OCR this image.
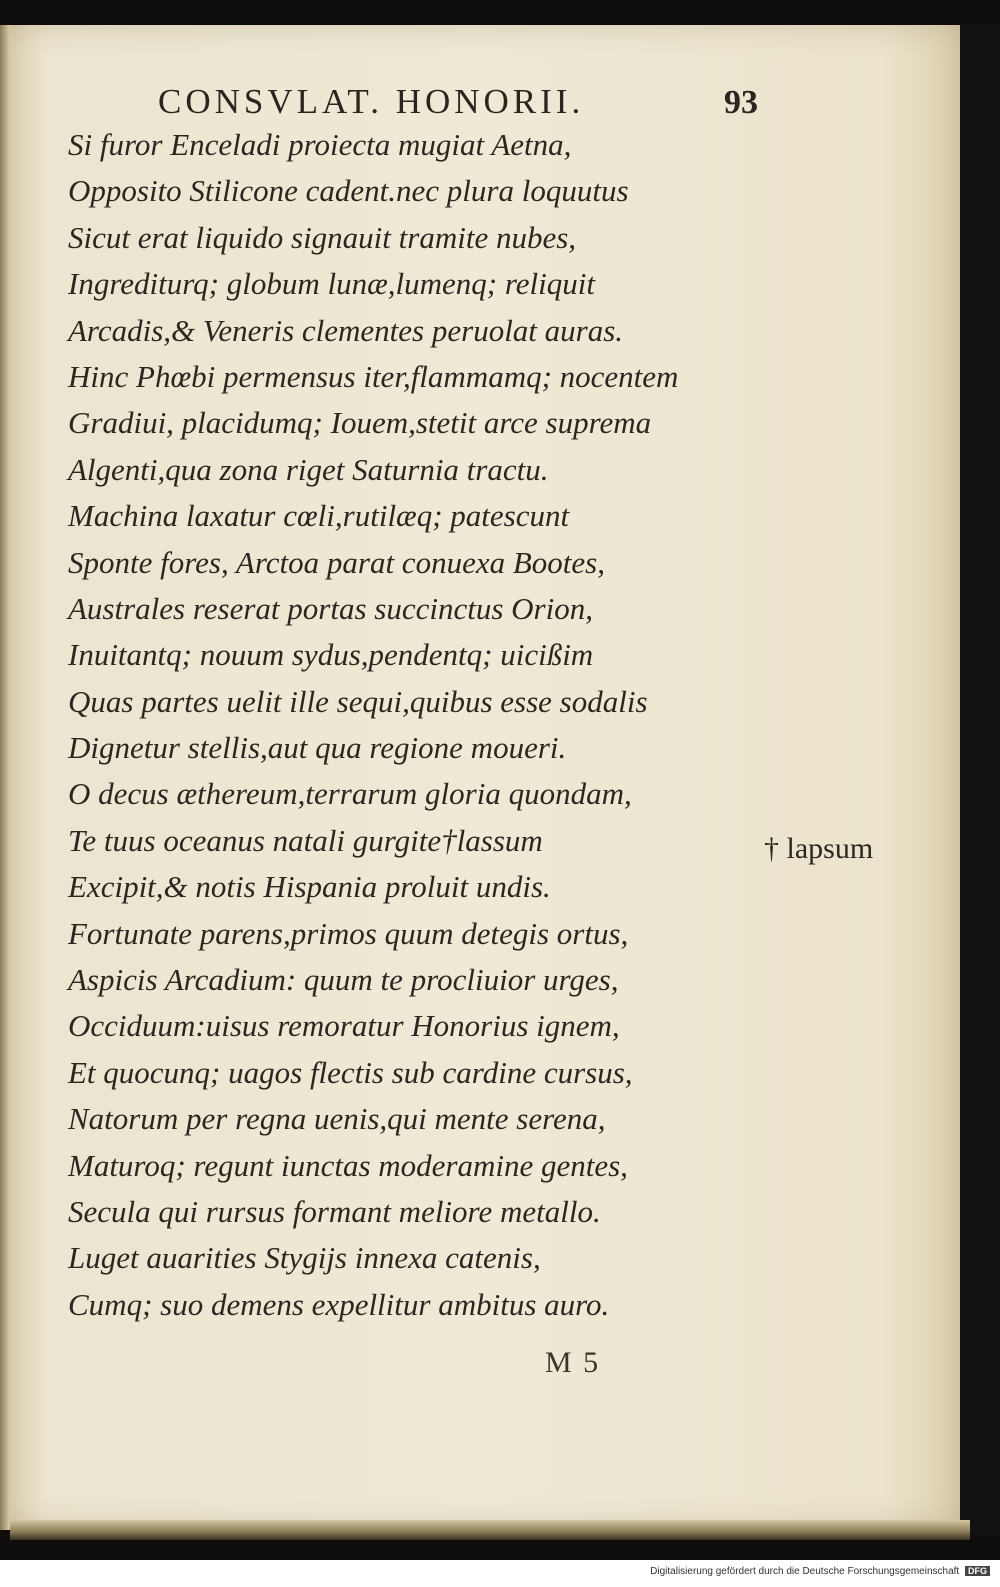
CONSVLAT. HONORII.	93
Si furor Enceladi proiecta mugiat Aetna,
Opposito Stilicone cadent.nec plura loquutus
Sicut erat liquido signauit tramite nubes,
Ingrediturq; globum lunæ,lumenq; reliquit
Arcadis,& Veneris clementes peruolat auras.
Hinc Phœbi permensus iter,flammamq; nocentem
Gradiui, placidumq; Iouem,stetit arce suprema
Algenti,qua zona riget Saturnia tractu.
Machina laxatur cœli,rutilæq; patescunt
Sponte fores, Arctoa parat conuexa Bootes,
Australes reserat portas succinctus Orion,
Inuitantq; nouum sydus,pendentq; uicißim
Quas partes uelit ille sequi,quibus esse sodalis
Dignetur stellis,aut qua regione moueri.
O decus æthereum,terrarum gloria quondam,
Te tuus oceanus natali gurgite†lassum
Excipit,& notis Hispania proluit undis.
Fortunate parens,primos quum detegis ortus,
Aspicis Arcadium: quum te procliuior urges,
Occiduum:uisus remoratur Honorius ignem,
Et quocunq; uagos flectis sub cardine cursus,
Natorum per regna uenis,qui mente serena,
Maturoq; regunt iunctas moderamine gentes,
Secula qui rursus formant meliore metallo.
Luget auarities Stygijs innexa catenis,
Cumq; suo demens expellitur ambitus auro.
† lapsum
M 5
Digitalisierung gefördert durch die Deutsche Forschungsgemeinschaft DFG
